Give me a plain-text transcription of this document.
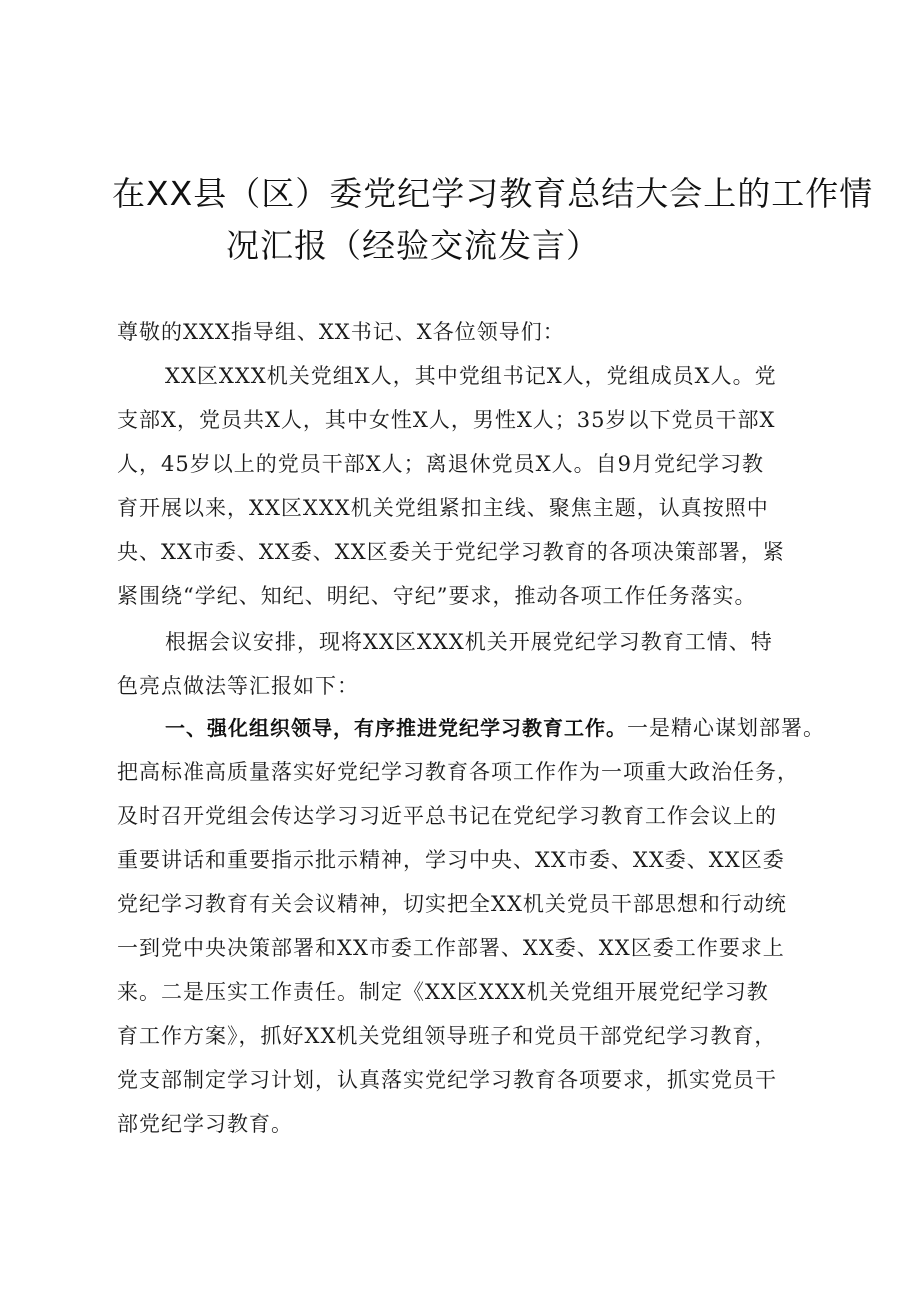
在XX县（区）委党纪学习教育总结大会上的工作情
况汇报（经验交流发言）

尊敬的XXX指导组、XX书记、X各位领导们：

XX区XXX机关党组X人，其中党组书记X人，党组成员X人。党

支部X，党员共X人，其中女性X人，男性X人；35岁以下党员干部X

人，45岁以上的党员干部X人；离退休党员X人。自9月党纪学习教

育开展以来，XX区XXX机关党组紧扣主线、聚焦主题，认真按照中

央、XX市委、XX委、XX区委关于党纪学习教育的各项决策部署，紧

紧围绕“学纪、知纪、明纪、守纪”要求，推动各项工作任务落实。

根据会议安排，现将XX区XXX机关开展党纪学习教育工情、特

色亮点做法等汇报如下：

一、强化组织领导，有序推进党纪学习教育工作。一是精心谋划部署。

把高标准高质量落实好党纪学习教育各项工作作为一项重大政治任务，

及时召开党组会传达学习习近平总书记在党纪学习教育工作会议上的

重要讲话和重要指示批示精神，学习中央、XX市委、XX委、XX区委

党纪学习教育有关会议精神，切实把全XX机关党员干部思想和行动统

一到党中央决策部署和XX市委工作部署、XX委、XX区委工作要求上

来。二是压实工作责任。制定《XX区XXX机关党组开展党纪学习教

育工作方案》，抓好XX机关党组领导班子和党员干部党纪学习教育，

党支部制定学习计划，认真落实党纪学习教育各项要求，抓实党员干

部党纪学习教育。
